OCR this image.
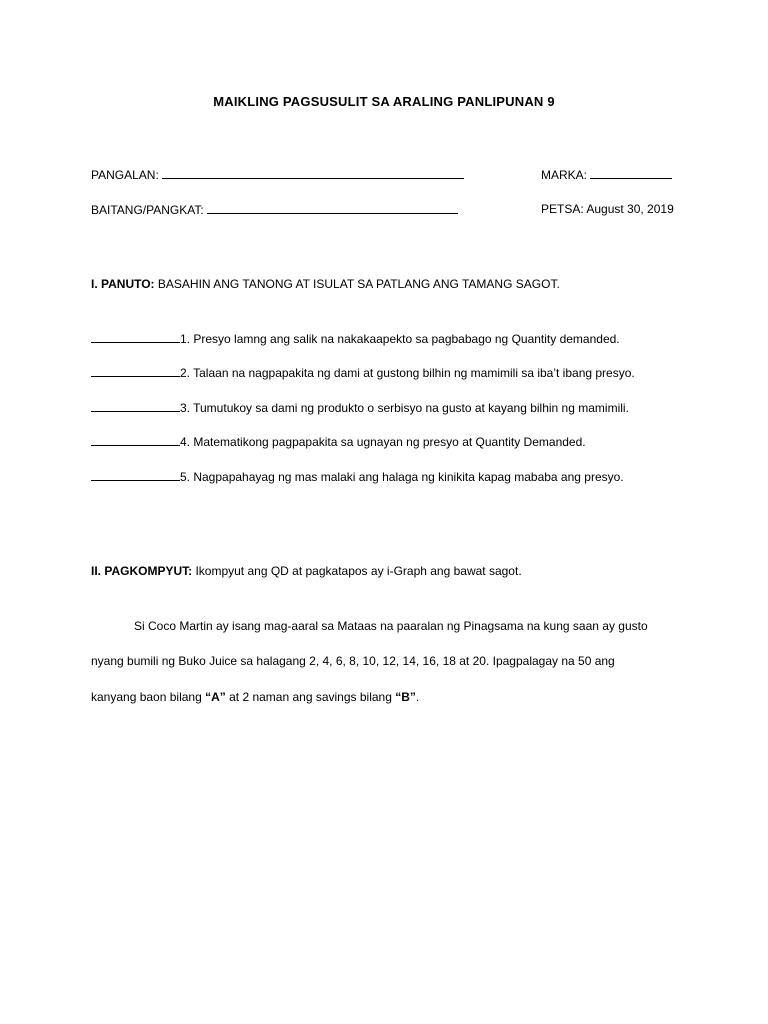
MAIKLING PAGSUSULIT SA ARALING PANLIPUNAN 9
PANGALAN:	MARKA:
BAITANG/PANGKAT:	PETSA: August 30, 2019
I. PANUTO: BASAHIN ANG TANONG AT ISULAT SA PATLANG ANG TAMANG SAGOT.
1. Presyo lamng ang salik na nakakaapekto sa pagbabago ng Quantity demanded.
2. Talaan na nagpapakita ng dami at gustong bilhin ng mamimili sa iba’t ibang presyo.
3. Tumutukoy sa dami ng produkto o serbisyo na gusto at kayang bilhin ng mamimili.
4. Matematikong pagpapakita sa ugnayan ng presyo at Quantity Demanded.
5. Nagpapahayag ng mas malaki ang halaga ng kinikita kapag mababa ang presyo.
II. PAGKOMPYUT: Ikompyut ang QD at pagkatapos ay i-Graph ang bawat sagot.
Si Coco Martin ay isang mag-aaral sa Mataas na paaralan ng Pinagsama na kung saan ay gusto
nyang bumili ng Buko Juice sa halagang 2, 4, 6, 8, 10, 12, 14, 16, 18 at 20. Ipagpalagay na 50 ang
kanyang baon bilang “A” at 2 naman ang savings bilang “B”.
